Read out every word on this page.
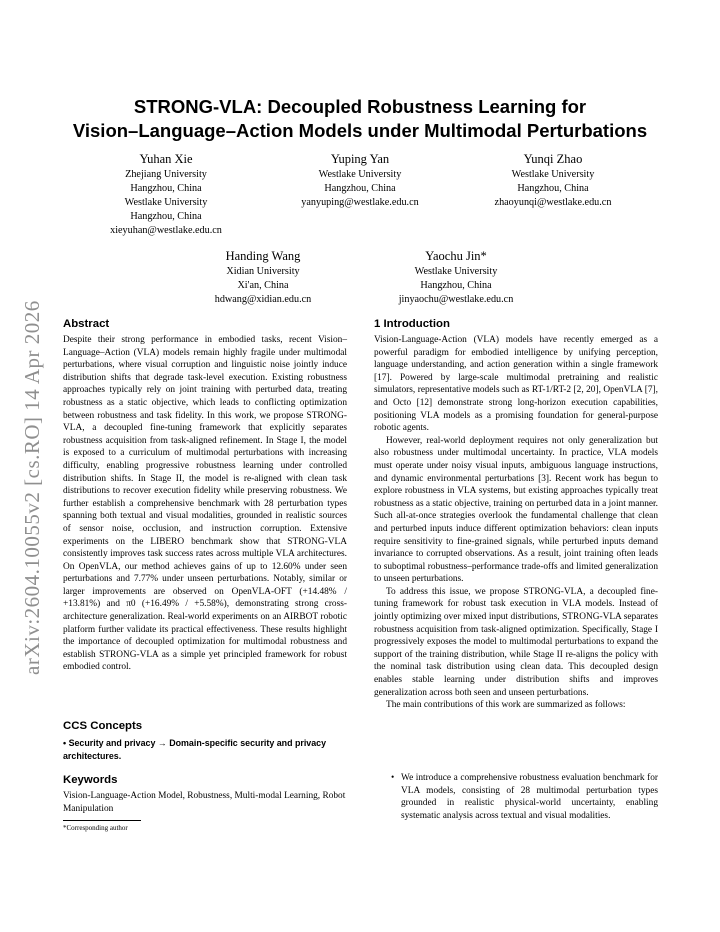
arXiv:2604.10055v2 [cs.RO] 14 Apr 2026
STRONG-VLA: Decoupled Robustness Learning for
Vision–Language–Action Models under Multimodal Perturbations
Yuhan Xie
Zhejiang University
Hangzhou, China
Westlake University
Hangzhou, China
xieyuhan@westlake.edu.cn
Yuping Yan
Westlake University
Hangzhou, China
yanyuping@westlake.edu.cn
Yunqi Zhao
Westlake University
Hangzhou, China
zhaoyunqi@westlake.edu.cn
Handing Wang
Xidian University
Xi'an, China
hdwang@xidian.edu.cn
Yaochu Jin*
Westlake University
Hangzhou, China
jinyaochu@westlake.edu.cn
Abstract

Despite their strong performance in embodied tasks, recent Vision–Language–Action (VLA) models remain highly fragile under multimodal perturbations, where visual corruption and linguistic noise jointly induce distribution shifts that degrade task-level execution. Existing robustness approaches typically rely on joint training with perturbed data, treating robustness as a static objective, which leads to conflicting optimization between robustness and task fidelity. In this work, we propose STRONG-VLA, a decoupled fine-tuning framework that explicitly separates robustness acquisition from task-aligned refinement. In Stage I, the model is exposed to a curriculum of multimodal perturbations with increasing difficulty, enabling progressive robustness learning under controlled distribution shifts. In Stage II, the model is re-aligned with clean task distributions to recover execution fidelity while preserving robustness. We further establish a comprehensive benchmark with 28 perturbation types spanning both textual and visual modalities, grounded in realistic sources of sensor noise, occlusion, and instruction corruption. Extensive experiments on the LIBERO benchmark show that STRONG-VLA consistently improves task success rates across multiple VLA architectures. On OpenVLA, our method achieves gains of up to 12.60% under seen perturbations and 7.77% under unseen perturbations. Notably, similar or larger improvements are observed on OpenVLA-OFT (+14.48% / +13.81%) and π0 (+16.49% / +5.58%), demonstrating strong cross-architecture generalization. Real-world experiments on an AIRBOT robotic platform further validate its practical effectiveness. These results highlight the importance of decoupled optimization for multimodal robustness and establish STRONG-VLA as a simple yet principled framework for robust embodied control.

CCS Concepts

• Security and privacy → Domain-specific security and privacy architectures.

Keywords

Vision-Language-Action Model, Robustness, Multi-modal Learning, Robot Manipulation

*Corresponding author
1 Introduction

Vision-Language-Action (VLA) models have recently emerged as a powerful paradigm for embodied intelligence by unifying perception, language understanding, and action generation within a single framework [17]. Powered by large-scale multimodal pretraining and realistic simulators, representative models such as RT-1/RT-2 [2, 20], OpenVLA [7], and Octo [12] demonstrate strong long-horizon execution capabilities, positioning VLA models as a promising foundation for general-purpose robotic agents.

However, real-world deployment requires not only generalization but also robustness under multimodal uncertainty. In practice, VLA models must operate under noisy visual inputs, ambiguous language instructions, and dynamic environmental perturbations [3]. Recent work has begun to explore robustness in VLA systems, but existing approaches typically treat robustness as a static objective, training on perturbed data in a joint manner. Such all-at-once strategies overlook the fundamental challenge that clean and perturbed inputs induce different optimization behaviors: clean inputs require sensitivity to fine-grained signals, while perturbed inputs demand invariance to corrupted observations. As a result, joint training often leads to suboptimal robustness–performance trade-offs and limited generalization to unseen perturbations.

To address this issue, we propose STRONG-VLA, a decoupled fine-tuning framework for robust task execution in VLA models. Instead of jointly optimizing over mixed input distributions, STRONG-VLA separates robustness acquisition from task-aligned optimization. Specifically, Stage I progressively exposes the model to multimodal perturbations to expand the support of the training distribution, while Stage II re-aligns the policy with the nominal task distribution using clean data. This decoupled design enables stable learning under distribution shifts and improves generalization across both seen and unseen perturbations.

The main contributions of this work are summarized as follows:

• We introduce a comprehensive robustness evaluation benchmark for VLA models, consisting of 28 multimodal perturbation types grounded in realistic physical-world uncertainty, enabling systematic analysis across textual and visual modalities.
